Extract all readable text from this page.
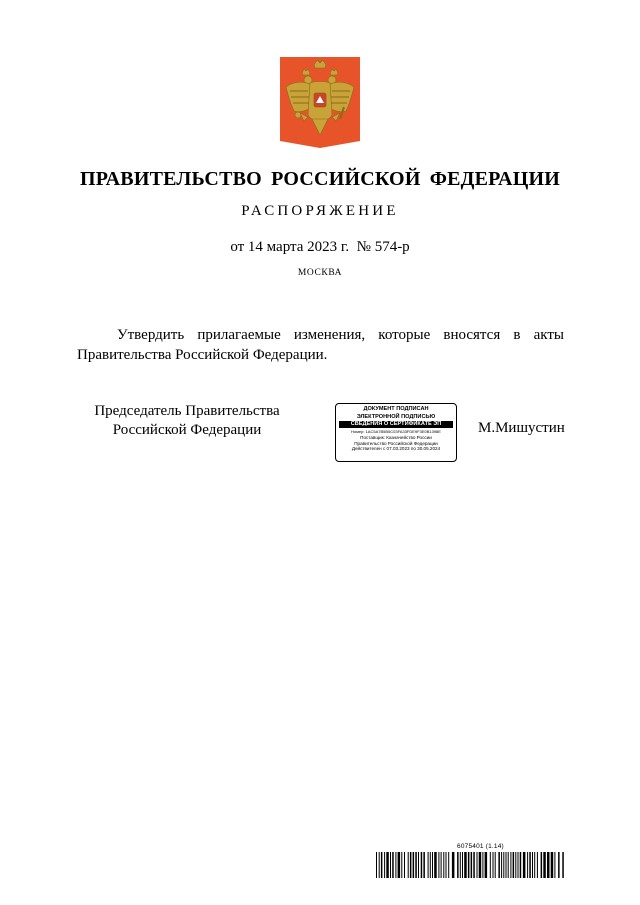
ПРАВИТЕЛЬСТВО РОССИЙСКОЙ ФЕДЕРАЦИИ
РАСПОРЯЖЕНИЕ
от 14 марта 2023 г.  № 574-р
МОСКВА
Утвердить прилагаемые изменения, которые вносятся в акты Правительства Российской Федерации.
Председатель Правительства
Российской Федерации
ДОКУМЕНТ ПОДПИСАН
ЭЛЕКТРОННОЙ ПОДПИСЬЮ
СВЕДЕНИЯ О СЕРТИФИКАТЕ ЭП
Номер: 1AC5A7B5B5C03FA33FDE9F3E0B1398E
Поставщик: Казначейство России
Правительство Российской Федерации
Действителен с 07.03.2023 по 30.05.2024
М.Мишустин
6075401 (1.14)
